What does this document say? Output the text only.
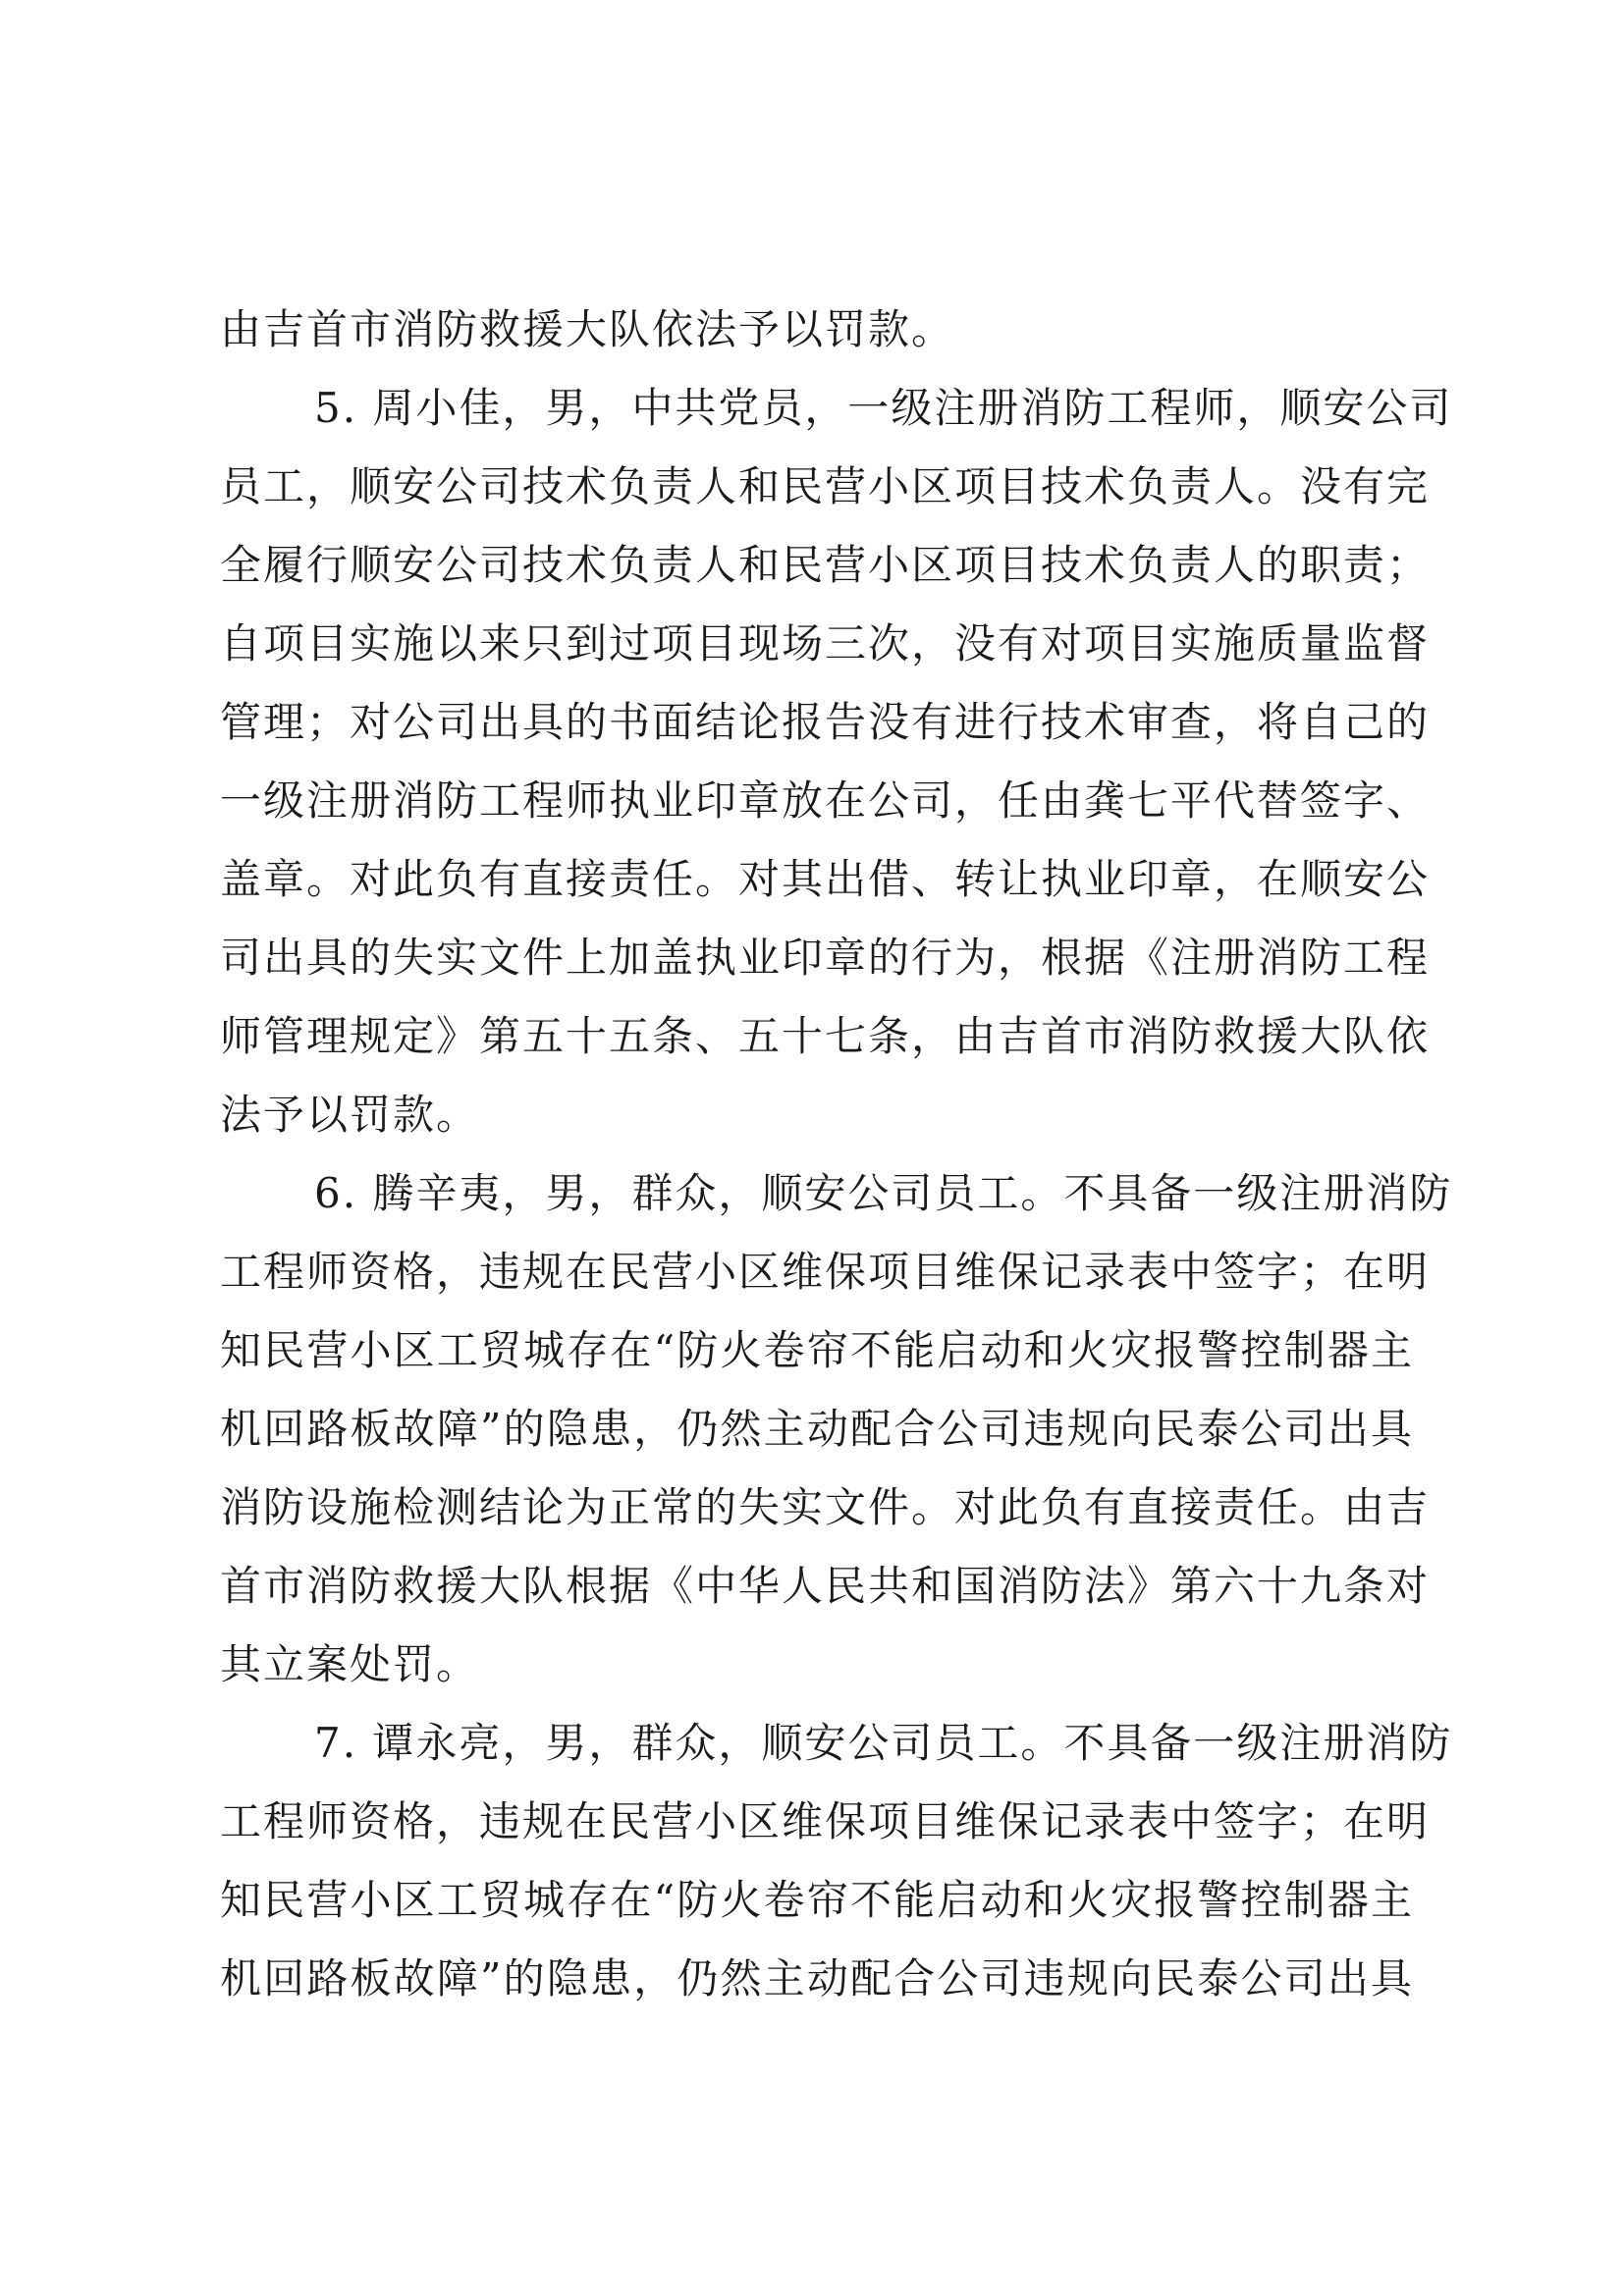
由吉首市消防救援大队依法予以罚款。
5. 周小佳，男，中共党员，一级注册消防工程师，顺安公司
员工，顺安公司技术负责人和民营小区项目技术负责人。没有完
全履行顺安公司技术负责人和民营小区项目技术负责人的职责；
自项目实施以来只到过项目现场三次，没有对项目实施质量监督
管理；对公司出具的书面结论报告没有进行技术审查，将自己的
一级注册消防工程师执业印章放在公司，任由龚七平代替签字、
盖章。对此负有直接责任。对其出借、转让执业印章，在顺安公
司出具的失实文件上加盖执业印章的行为，根据《注册消防工程
师管理规定》第五十五条、五十七条，由吉首市消防救援大队依
法予以罚款。
6. 腾辛夷，男，群众，顺安公司员工。不具备一级注册消防
工程师资格，违规在民营小区维保项目维保记录表中签字；在明
知民营小区工贸城存在“防火卷帘不能启动和火灾报警控制器主
机回路板故障”的隐患，仍然主动配合公司违规向民泰公司出具
消防设施检测结论为正常的失实文件。对此负有直接责任。由吉
首市消防救援大队根据《中华人民共和国消防法》第六十九条对
其立案处罚。
7. 谭永亮，男，群众，顺安公司员工。不具备一级注册消防
工程师资格，违规在民营小区维保项目维保记录表中签字；在明
知民营小区工贸城存在“防火卷帘不能启动和火灾报警控制器主
机回路板故障”的隐患，仍然主动配合公司违规向民泰公司出具
